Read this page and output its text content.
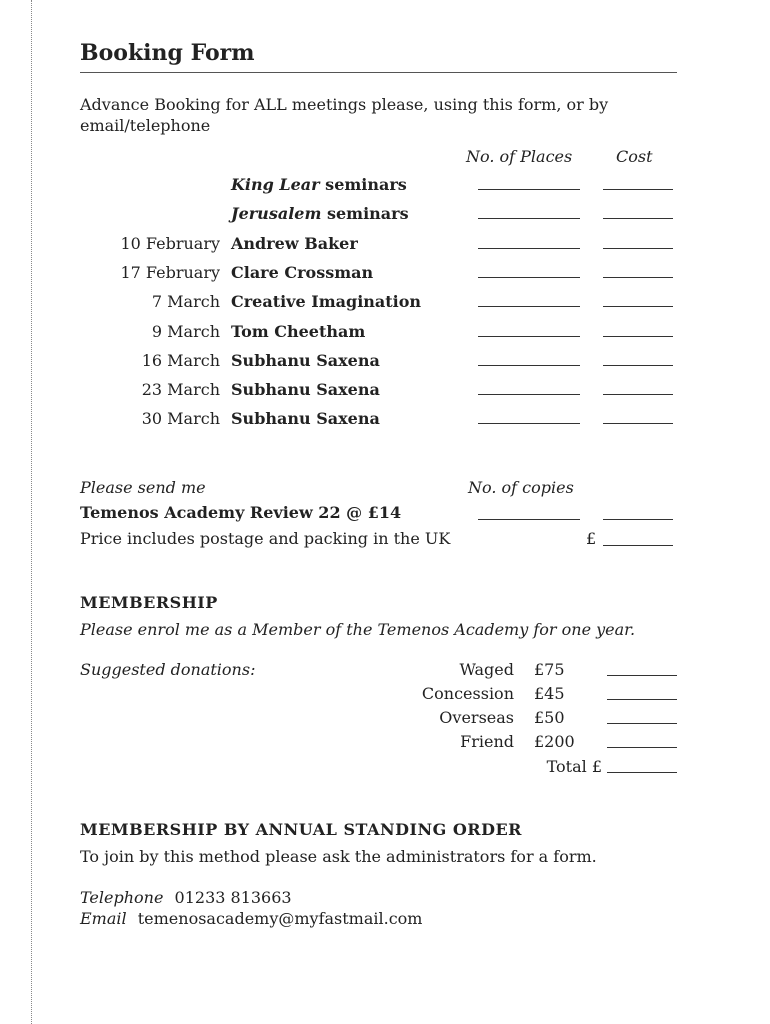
Booking Form
Advance Booking for ALL meetings please, using this form, or by email/telephone
No. of Places	Cost
King Lear seminars
Jerusalem seminars
10 February Andrew Baker
17 February Clare Crossman
7 March Creative Imagination
9 March Tom Cheetham
16 March Subhanu Saxena
23 March Subhanu Saxena
30 March Subhanu Saxena
Please send me	No. of copies
Temenos Academy Review 22 @ £14
Price includes postage and packing in the UK	£
MEMBERSHIP
Please enrol me as a Member of the Temenos Academy for one year.
Suggested donations:	Waged £75
Concession £45
Overseas £50
Friend £200
Total £
MEMBERSHIP BY ANNUAL STANDING ORDER
To join by this method please ask the administrators for a form.
Telephone 01233 813663
Email temenosacademy@myfastmail.com
